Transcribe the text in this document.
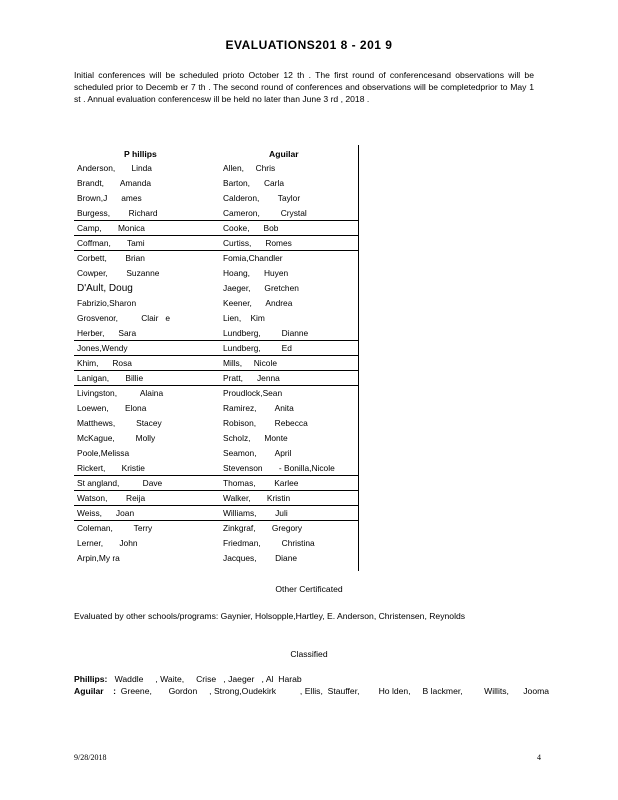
EVALUATIONS201 8 - 201 9
Initial conferences will be scheduled prioto October 12 th . The first round of conferencesand observations will be scheduled prior to Decemb er 7 th . The second round of conferences and observations will be completedprior to May 1 st . Annual evaluation conferencesw ill be held no later than June 3 rd , 2018 .
P hillips	Aguilar
Anderson,       Linda	Allen,     Chris
Brandt,       Amanda	Barton,      Carla
Brown,J      ames	Calderon,        Taylor
Burgess,        Richard	Cameron,         Crystal
Camp,       Monica	Cooke,      Bob
Coffman,       Tami	Curtiss,      Romes
Corbett,        Brian	Fomia,Chandler
Cowper,        Suzanne	Hoang,      Huyen
D'Ault, Doug	Jaeger,      Gretchen
Fabrizio,Sharon	Keener,      Andrea
Grosvenor,          Clair   e	Lien,    Kim
Herber,      Sara	Lundberg,         Dianne
Jones,Wendy	Lundberg,         Ed
Khim,      Rosa	Mills,     Nicole
Lanigan,       Billie	Pratt,      Jenna
Livingston,          Alaina	Proudlock,Sean
Loewen,       Elona	Ramirez,        Anita
Matthews,         Stacey	Robison,        Rebecca
McKague,         Molly	Scholz,      Monte
Poole,Melissa	Seamon,        April
Rickert,       Kristie	Stevenson       - Bonilla,Nicole
St angland,          Dave	Thomas,        Karlee
Watson,        Reija	Walker,       Kristin
Weiss,      Joan	Williams,        Juli
Coleman,         Terry	Zinkgraf,       Gregory
Lerner,       John	Friedman,         Christina
Arpin,My ra	Jacques,        Diane
Other Certificated
Evaluated by other schools/programs: Gaynier, Holsopple,Hartley, E. Anderson, Christensen, Reynolds
Classified
Phillips:   Waddle     , Waite,     Crise   , Jaeger   , Al  Harab
Aguilar    :  Greene,       Gordon     , Strong,Oudekirk          , Ellis,  Stauffer,        Ho lden,     B lackmer,         Willits,      Jooma
9/28/2018	4
